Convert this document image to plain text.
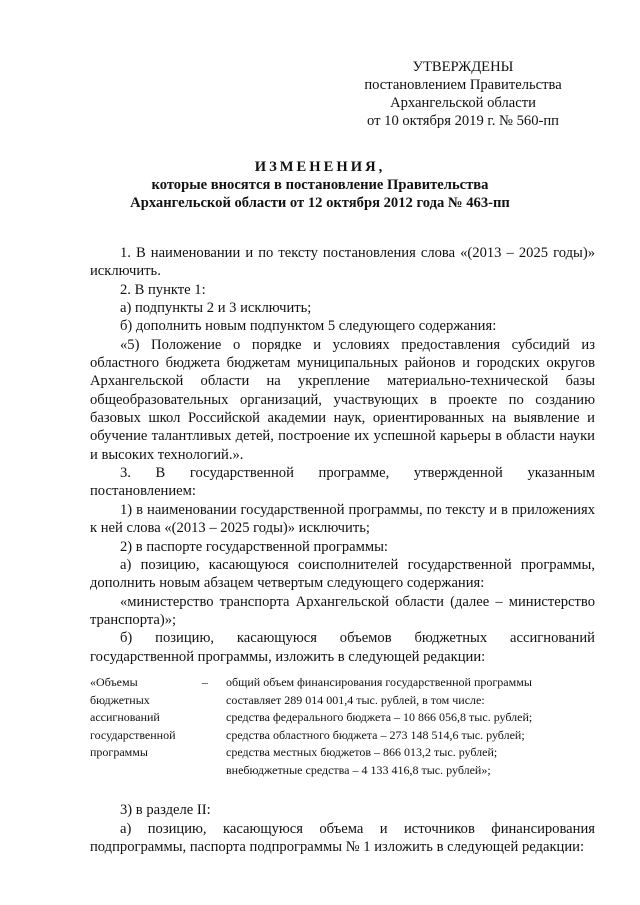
УТВЕРЖДЕНЫ
постановлением Правительства
Архангельской области
от 10 октября 2019 г. № 560-пп
ИЗМЕНЕНИЯ,
которые вносятся в постановление Правительства
Архангельской области от 12 октября 2012 года № 463-пп

1. В наименовании и по тексту постановления слова «(2013 – 2025 годы)» исключить.

2. В пункте 1:

а) подпункты 2 и 3 исключить;

б) дополнить новым подпунктом 5 следующего содержания:

«5) Положение о порядке и условиях предоставления субсидий из областного бюджета бюджетам муниципальных районов и городских округов Архангельской области на укрепление материально-технической базы общеобразовательных организаций, участвующих в проекте по созданию базовых школ Российской академии наук, ориентированных на выявление и обучение талантливых детей, построение их успешной карьеры в области науки и высоких технологий.».

3. В государственной программе, утвержденной указанным постановлением:

1) в наименовании государственной программы, по тексту и в приложениях к ней слова «(2013 – 2025 годы)» исключить;

2) в паспорте государственной программы:

а) позицию, касающуюся соисполнителей государственной программы, дополнить новым абзацем четвертым следующего содержания:

«министерство транспорта Архангельской области (далее – министерство транспорта)»;

б) позицию, касающуюся объемов бюджетных ассигнований государственной программы, изложить в следующей редакции:

«Объемы
бюджетных
ассигнований
государственной
программы
–	общий объем финансирования государственной программы
составляет 289 014 001,4 тыс. рублей, в том числе:
средства федерального бюджета – 10 866 056,8 тыс. рублей;
средства областного бюджета – 273 148 514,6 тыс. рублей;
средства местных бюджетов – 866 013,2 тыс. рублей;
внебюджетные средства – 4 133 416,8 тыс. рублей»;

3) в разделе II:

а) позицию, касающуюся объема и источников финансирования подпрограммы, паспорта подпрограммы № 1 изложить в следующей редакции:
